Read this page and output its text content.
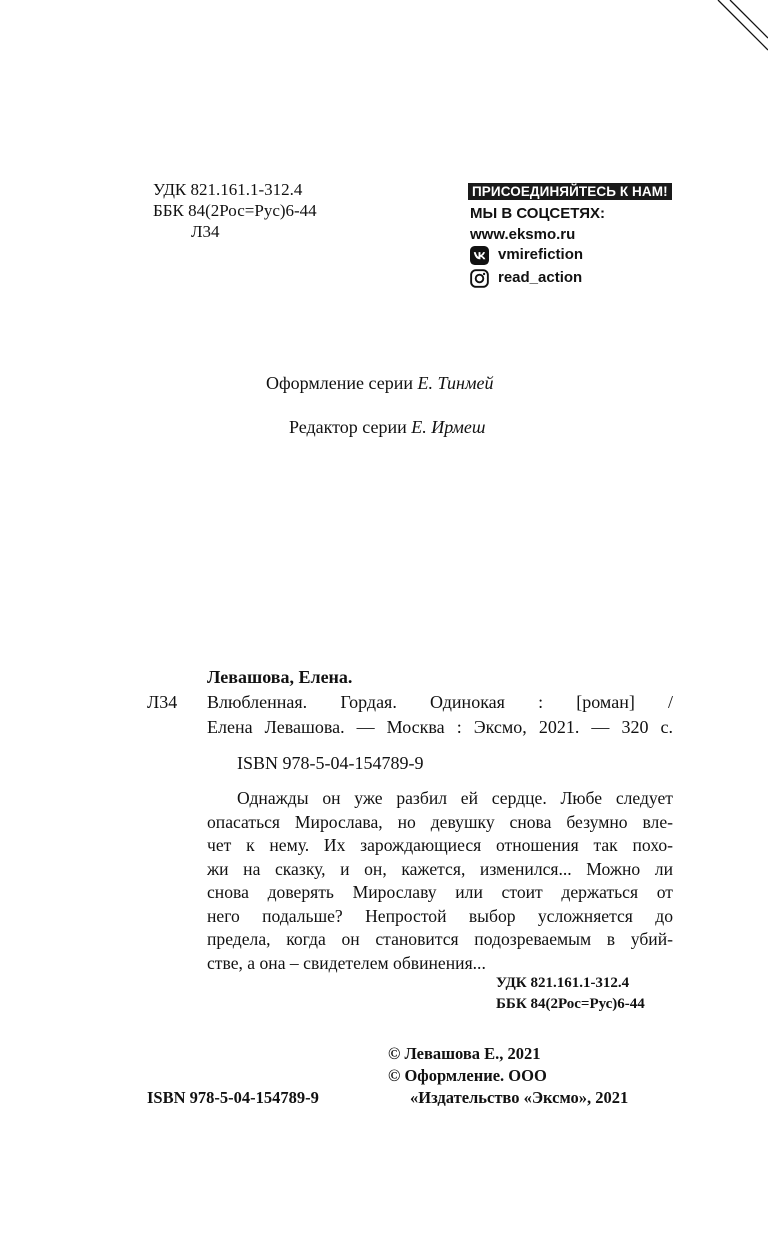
УДК 821.161.1-312.4
ББК 84(2Рос=Рус)6-44
Л34
ПРИСОЕДИНЯЙТЕСЬ К НАМ!
МЫ В СОЦСЕТЯХ:
www.eksmo.ru
vmirefiction
read_action
Оформление серии Е. Тинмей
Редактор серии Е. Ирмеш
Левашова, Елена.
Л34 Влюбленная. Гордая. Одинокая : [роман] /
Елена Левашова. — Москва : Эксмо, 2021. — 320 с.
ISBN 978-5-04-154789-9
Однажды он уже разбил ей сердце. Любе следует
опасаться Мирослава, но девушку снова безумно вле-
чет к нему. Их зарождающиеся отношения так похо-
жи на сказку, и он, кажется, изменился... Можно ли
снова доверять Мирославу или стоит держаться от
него подальше? Непростой выбор усложняется до
предела, когда он становится подозреваемым в убий-
стве, а она – свидетелем обвинения...
УДК 821.161.1-312.4
ББК 84(2Рос=Рус)6-44
© Левашова Е., 2021
© Оформление. ООО
«Издательство «Эксмо», 2021
ISBN 978-5-04-154789-9
